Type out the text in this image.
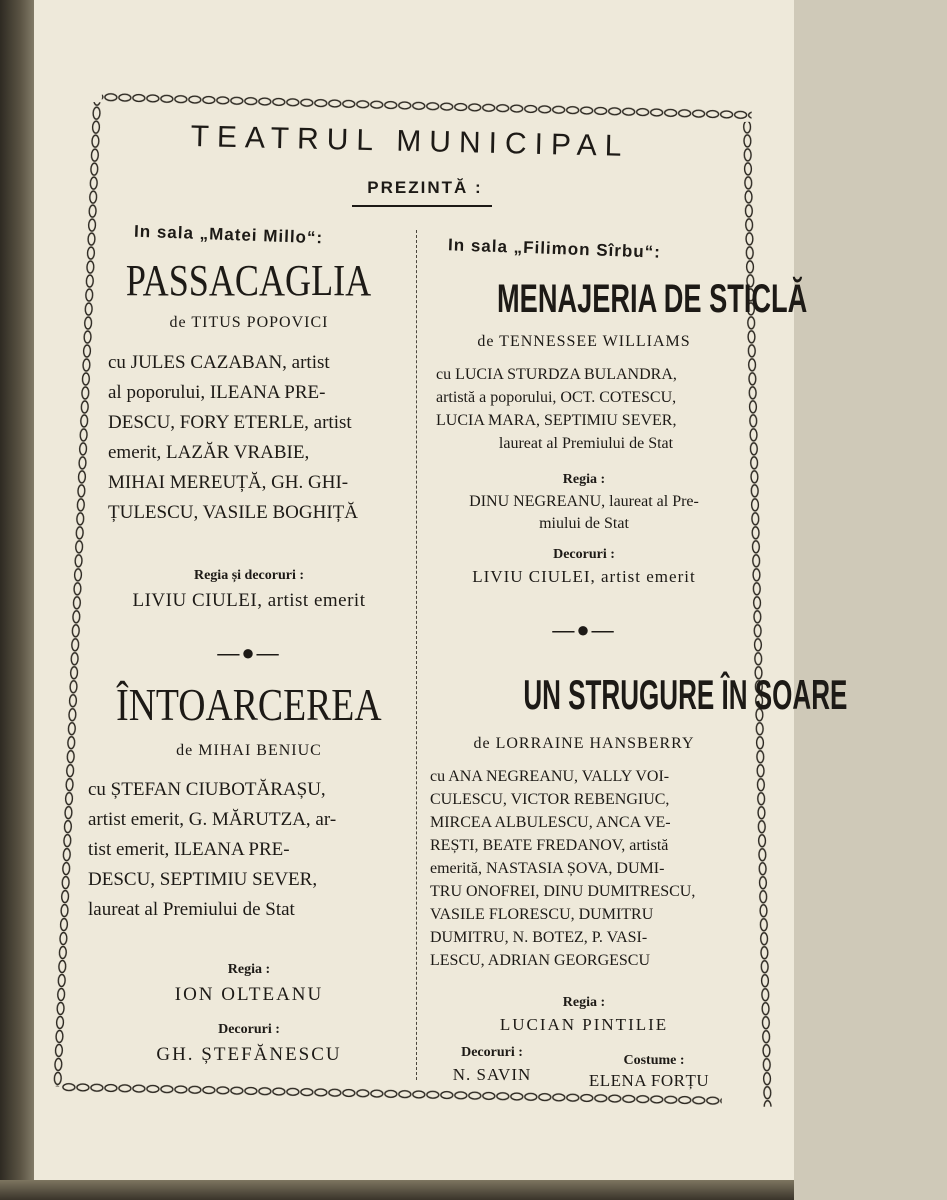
TEATRUL MUNICIPAL
PREZINTĂ :
In sala „Matei Millo“:
PASSACAGLIA
de TITUS POPOVICI
cu JULES CAZABAN, artist
al poporului, ILEANA PRE-
DESCU, FORY ETERLE, artist
emerit, LAZĂR VRABIE,
MIHAI MEREUȚĂ, GH. GHI-
ȚULESCU, VASILE BOGHIȚĂ
Regia și decoruri :
LIVIU CIULEI, artist emerit
—●—
ÎNTOARCEREA
de MIHAI BENIUC
cu ȘTEFAN CIUBOTĂRAȘU,
artist emerit, G. MĂRUTZA, ar-
tist emerit, ILEANA PRE-
DESCU, SEPTIMIU SEVER,
laureat al Premiului de Stat
Regia :
ION OLTEANU
Decoruri :
GH. ȘTEFĂNESCU
In sala „Filimon Sîrbu“:
MENAJERIA DE STICLĂ
de TENNESSEE WILLIAMS
cu LUCIA STURDZA BULANDRA,
artistă a poporului, OCT. COTESCU,
LUCIA MARA, SEPTIMIU SEVER,
laureat al Premiului de Stat
Regia :
DINU NEGREANU, laureat al Pre-
miului de Stat
Decoruri :
LIVIU CIULEI, artist emerit
—●—
UN STRUGURE ÎN SOARE
de LORRAINE HANSBERRY
cu ANA NEGREANU, VALLY VOI-
CULESCU, VICTOR REBENGIUC,
MIRCEA ALBULESCU, ANCA VE-
REȘTI, BEATE FREDANOV, artistă
emerită, NASTASIA ȘOVA, DUMI-
TRU ONOFREI, DINU DUMITRESCU,
VASILE FLORESCU, DUMITRU
DUMITRU, N. BOTEZ, P. VASI-
LESCU, ADRIAN GEORGESCU
Regia :
LUCIAN PINTILIE
Decoruri :
N. SAVIN
Costume :
ELENA FORȚU
